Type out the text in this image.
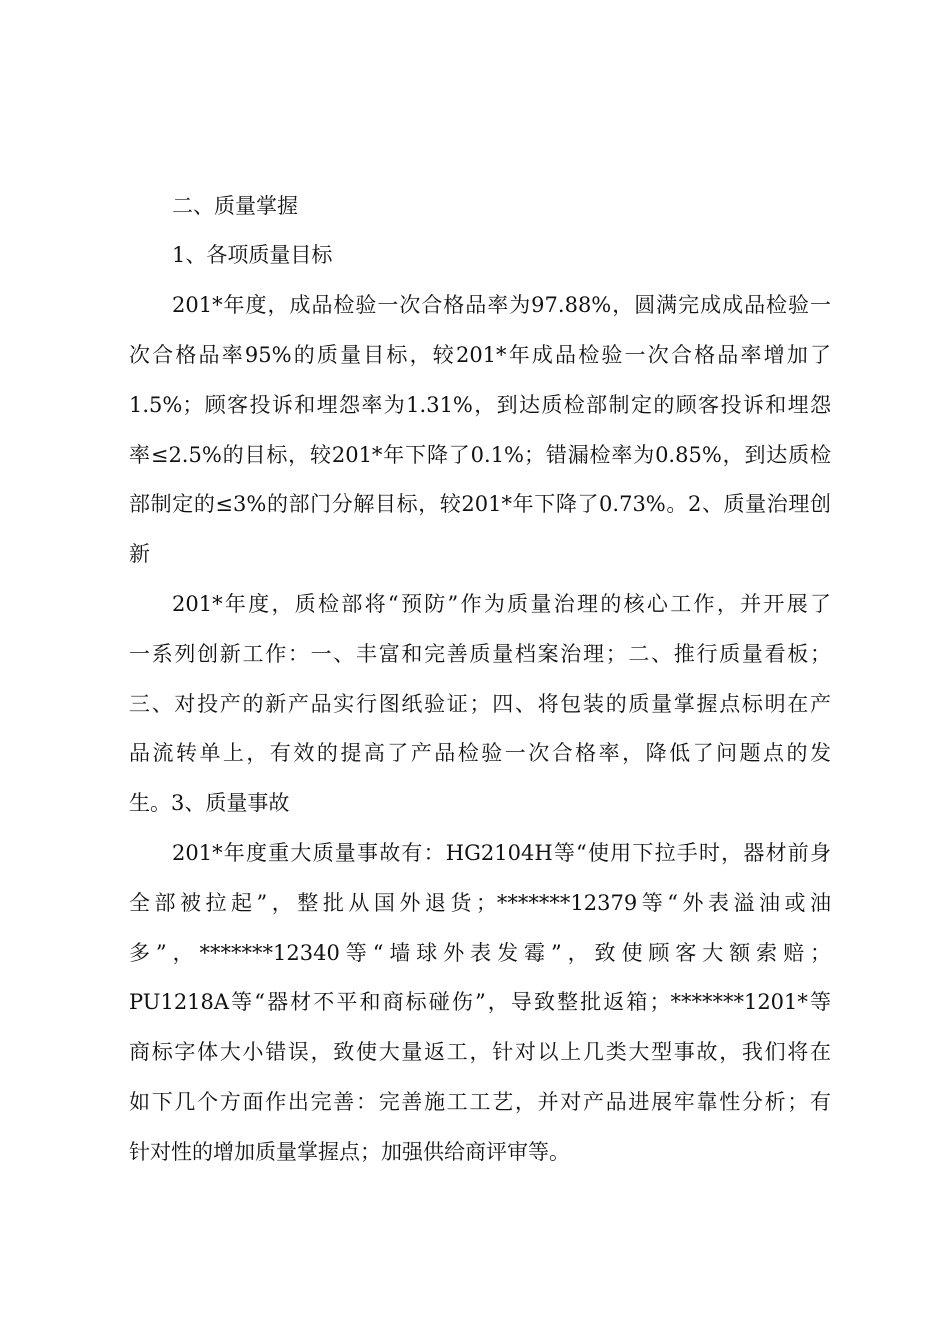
二、质量掌握

1、各项质量目标

201*年度，成品检验一次合格品率为97.88%，圆满完成成品检验一

次合格品率95%的质量目标，较201*年成品检验一次合格品率增加了

1.5%；顾客投诉和埋怨率为1.31%，到达质检部制定的顾客投诉和埋怨

率≤2.5%的目标，较201*年下降了0.1%；错漏检率为0.85%，到达质检

部制定的≤3%的部门分解目标，较201*年下降了0.73%。2、质量治理创

新

201*年度，质检部将“预防”作为质量治理的核心工作，并开展了

一系列创新工作：一、丰富和完善质量档案治理；二、推行质量看板；

三、对投产的新产品实行图纸验证；四、将包装的质量掌握点标明在产

品流转单上，有效的提高了产品检验一次合格率，降低了问题点的发

生。3、质量事故

201*年度重大质量事故有：HG2104H等“使用下拉手时，器材前身

全部被拉起”，整批从国外退货；*******12379等“外表溢油或油

多”，*******12340等“墙球外表发霉”，致使顾客大额索赔；

PU1218A等“器材不平和商标碰伤”，导致整批返箱；*******1201*等

商标字体大小错误，致使大量返工，针对以上几类大型事故，我们将在

如下几个方面作出完善：完善施工工艺，并对产品进展牢靠性分析；有

针对性的增加质量掌握点；加强供给商评审等。
